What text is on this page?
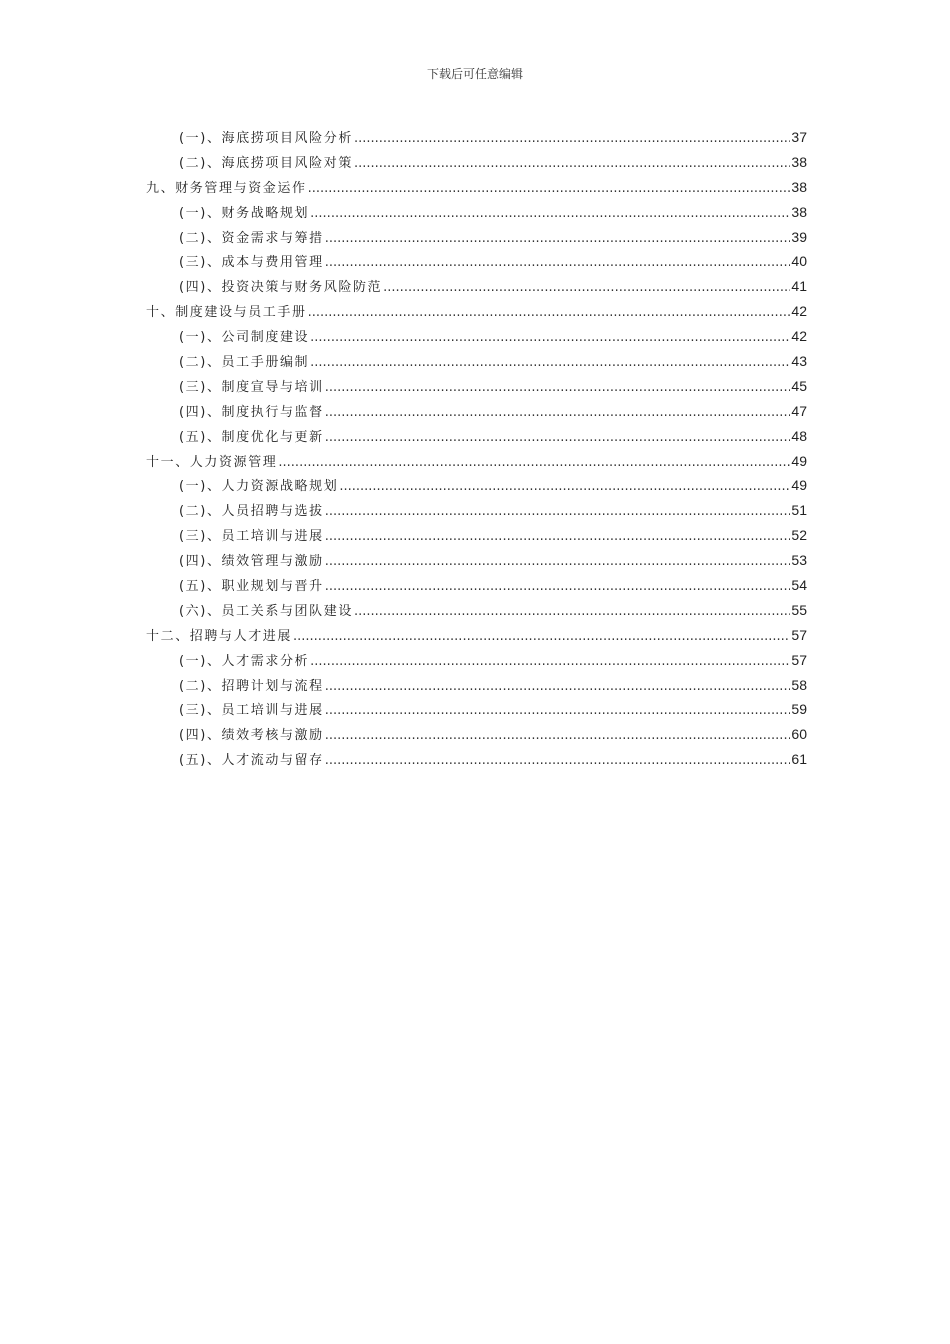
下载后可任意编辑
(一)、海底捞项目风险分析 .....	37
(二)、海底捞项目风险对策 .....	38
九、财务管理与资金运作 .....	38
(一)、财务战略规划 .....	38
(二)、资金需求与筹措 .....	39
(三)、成本与费用管理 .....	40
(四)、投资决策与财务风险防范 .....	41
十、制度建设与员工手册 .....	42
(一)、公司制度建设 .....	42
(二)、员工手册编制 .....	43
(三)、制度宣导与培训 .....	45
(四)、制度执行与监督 .....	47
(五)、制度优化与更新 .....	48
十一、人力资源管理 .....	49
(一)、人力资源战略规划 .....	49
(二)、人员招聘与选拔 .....	51
(三)、员工培训与进展 .....	52
(四)、绩效管理与激励 .....	53
(五)、职业规划与晋升 .....	54
(六)、员工关系与团队建设 .....	55
十二、招聘与人才进展 .....	57
(一)、人才需求分析 .....	57
(二)、招聘计划与流程 .....	58
(三)、员工培训与进展 .....	59
(四)、绩效考核与激励 .....	60
(五)、人才流动与留存 .....	61
